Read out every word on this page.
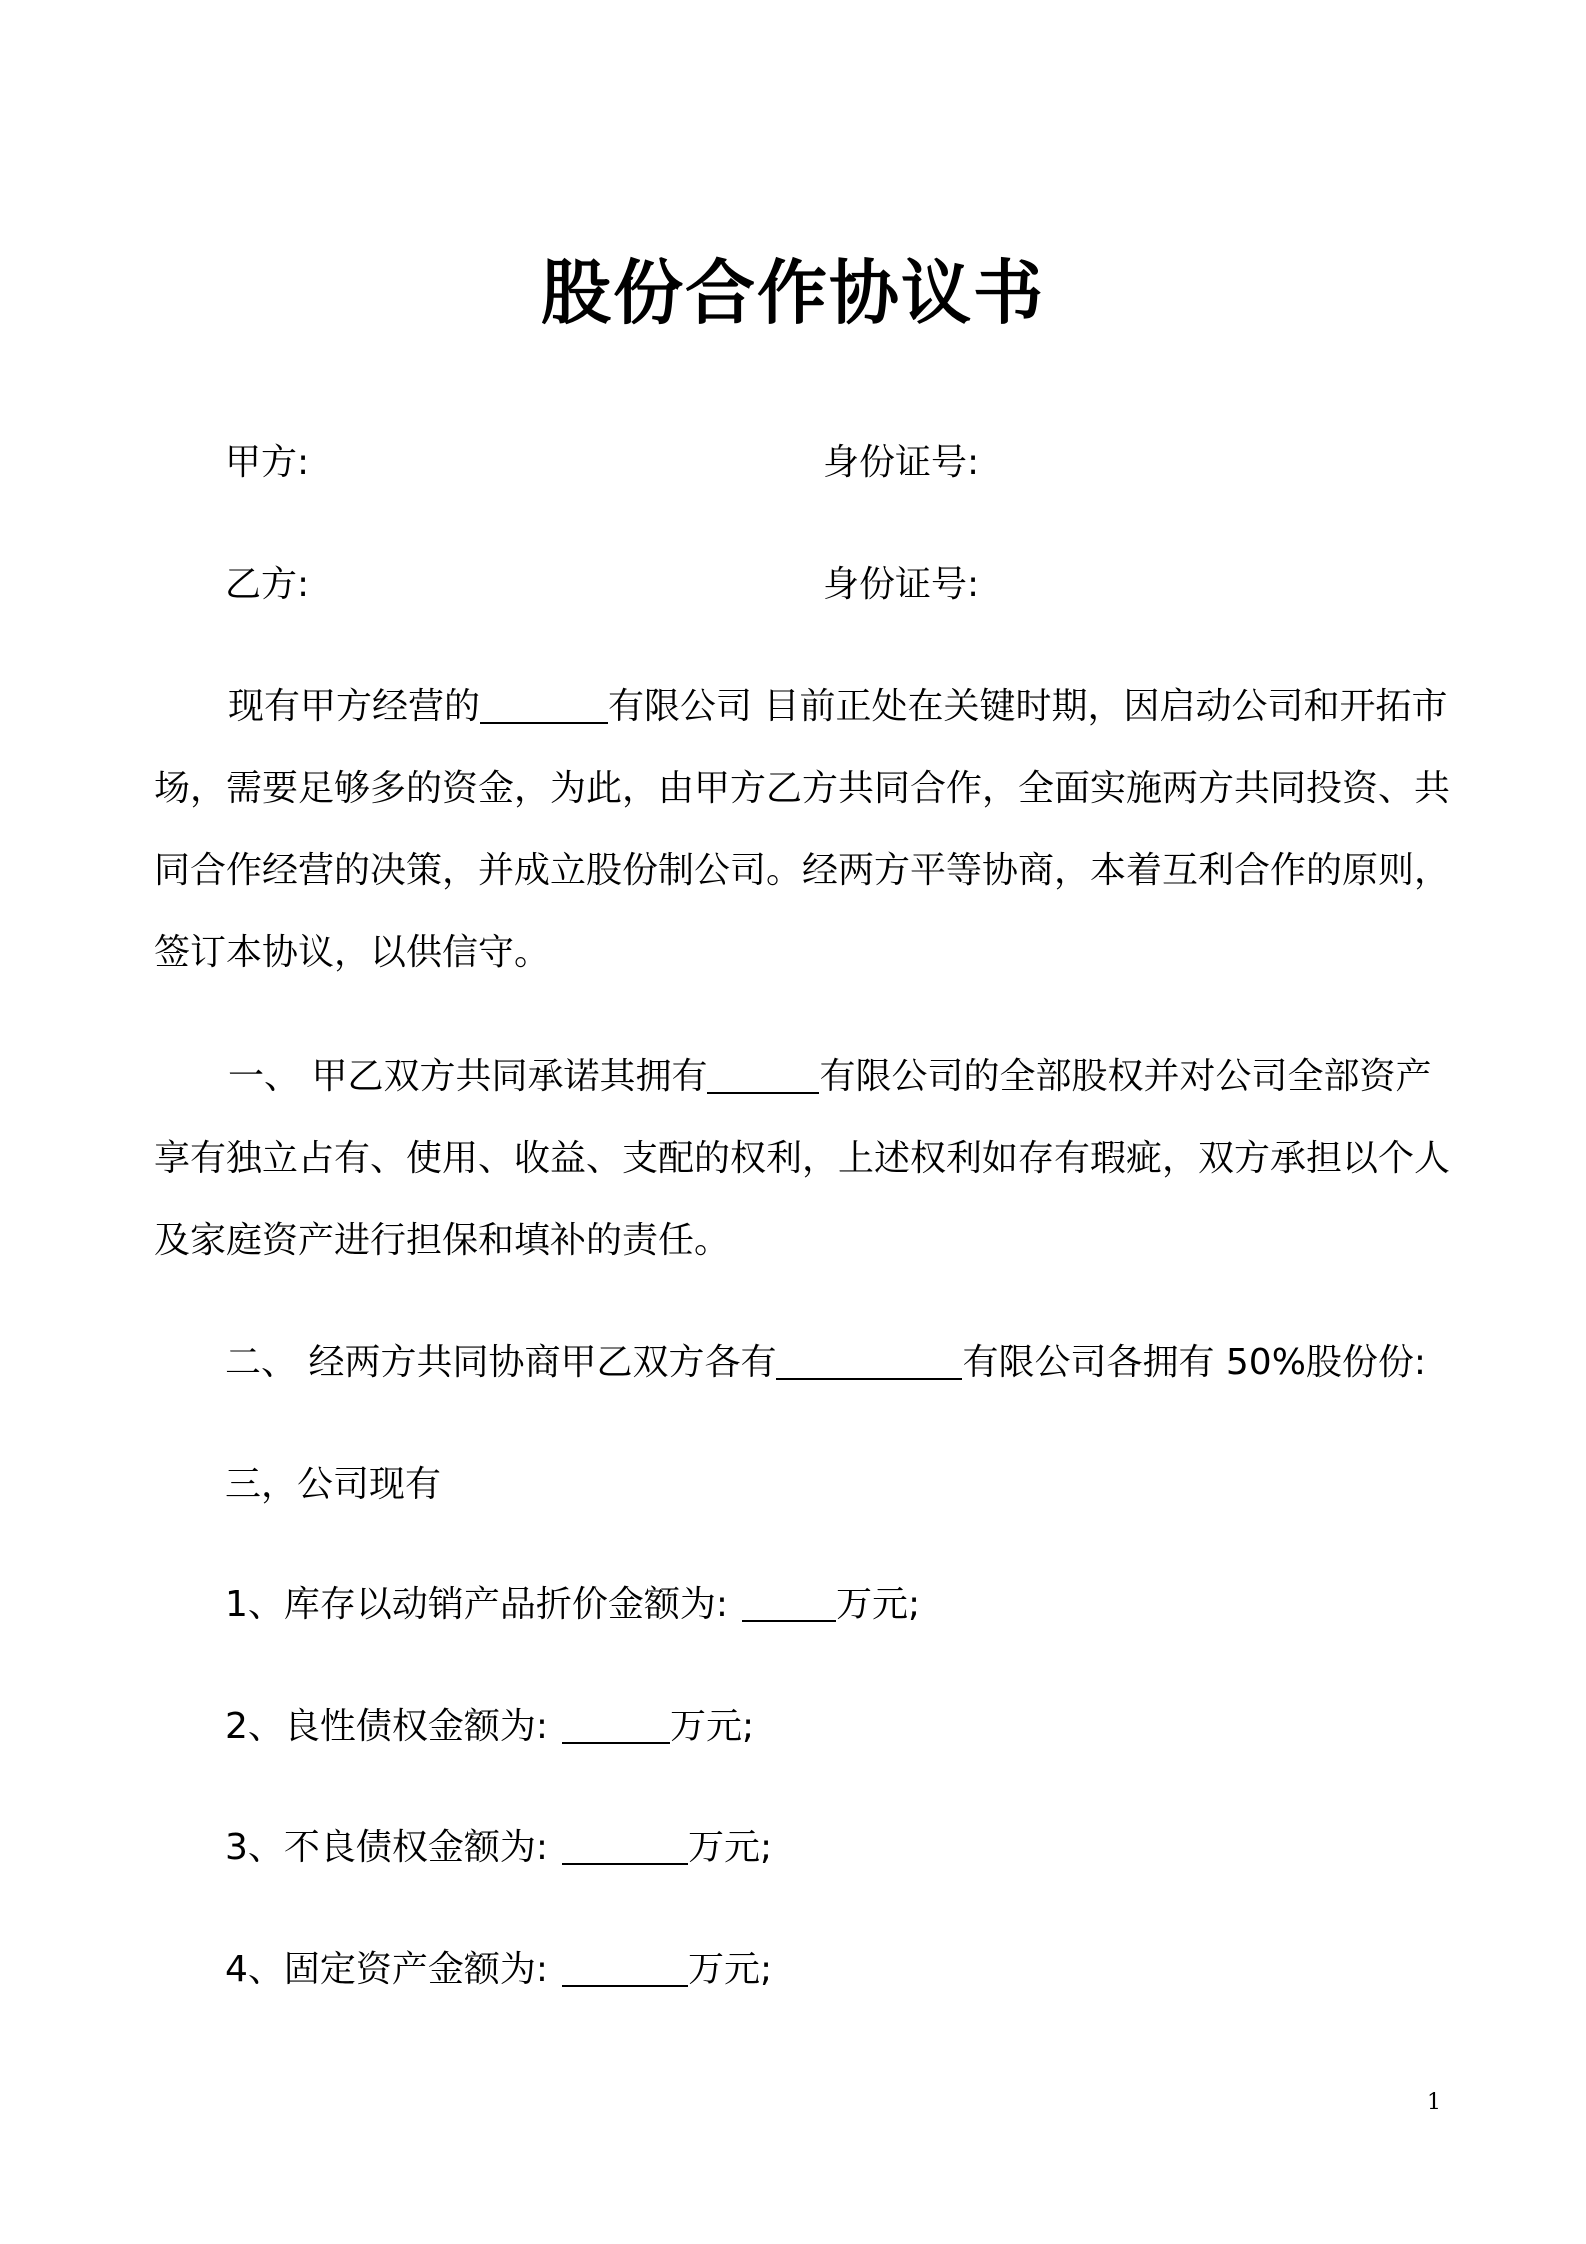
股份合作协议书
甲方:	身份证号:
乙方:	身份证号:

现有甲方经营的	有限公司 目前正处在关键时期，因启动公司和开拓市场，需要足够多的资金，为此，由甲方乙方共同合作，全面实施两方共同投资、共同合作经营的决策，并成立股份制公司。经两方平等协商，本着互利合作的原则，签订本协议，以供信守。

一、 甲乙双方共同承诺其拥有	有限公司的全部股权并对公司全部资产享有独立占有、使用、收益、支配的权利，上述权利如存有瑕疵，双方承担以个人及家庭资产进行担保和填补的责任。

二、 经两方共同协商甲乙双方各有	有限公司各拥有 50%股份份:
三，公司现有
1、库存以动销产品折价金额为:	万元;
2、良性债权金额为:	万元;
3、不良债权金额为:	万元;
4、固定资产金额为:	万元;
1
